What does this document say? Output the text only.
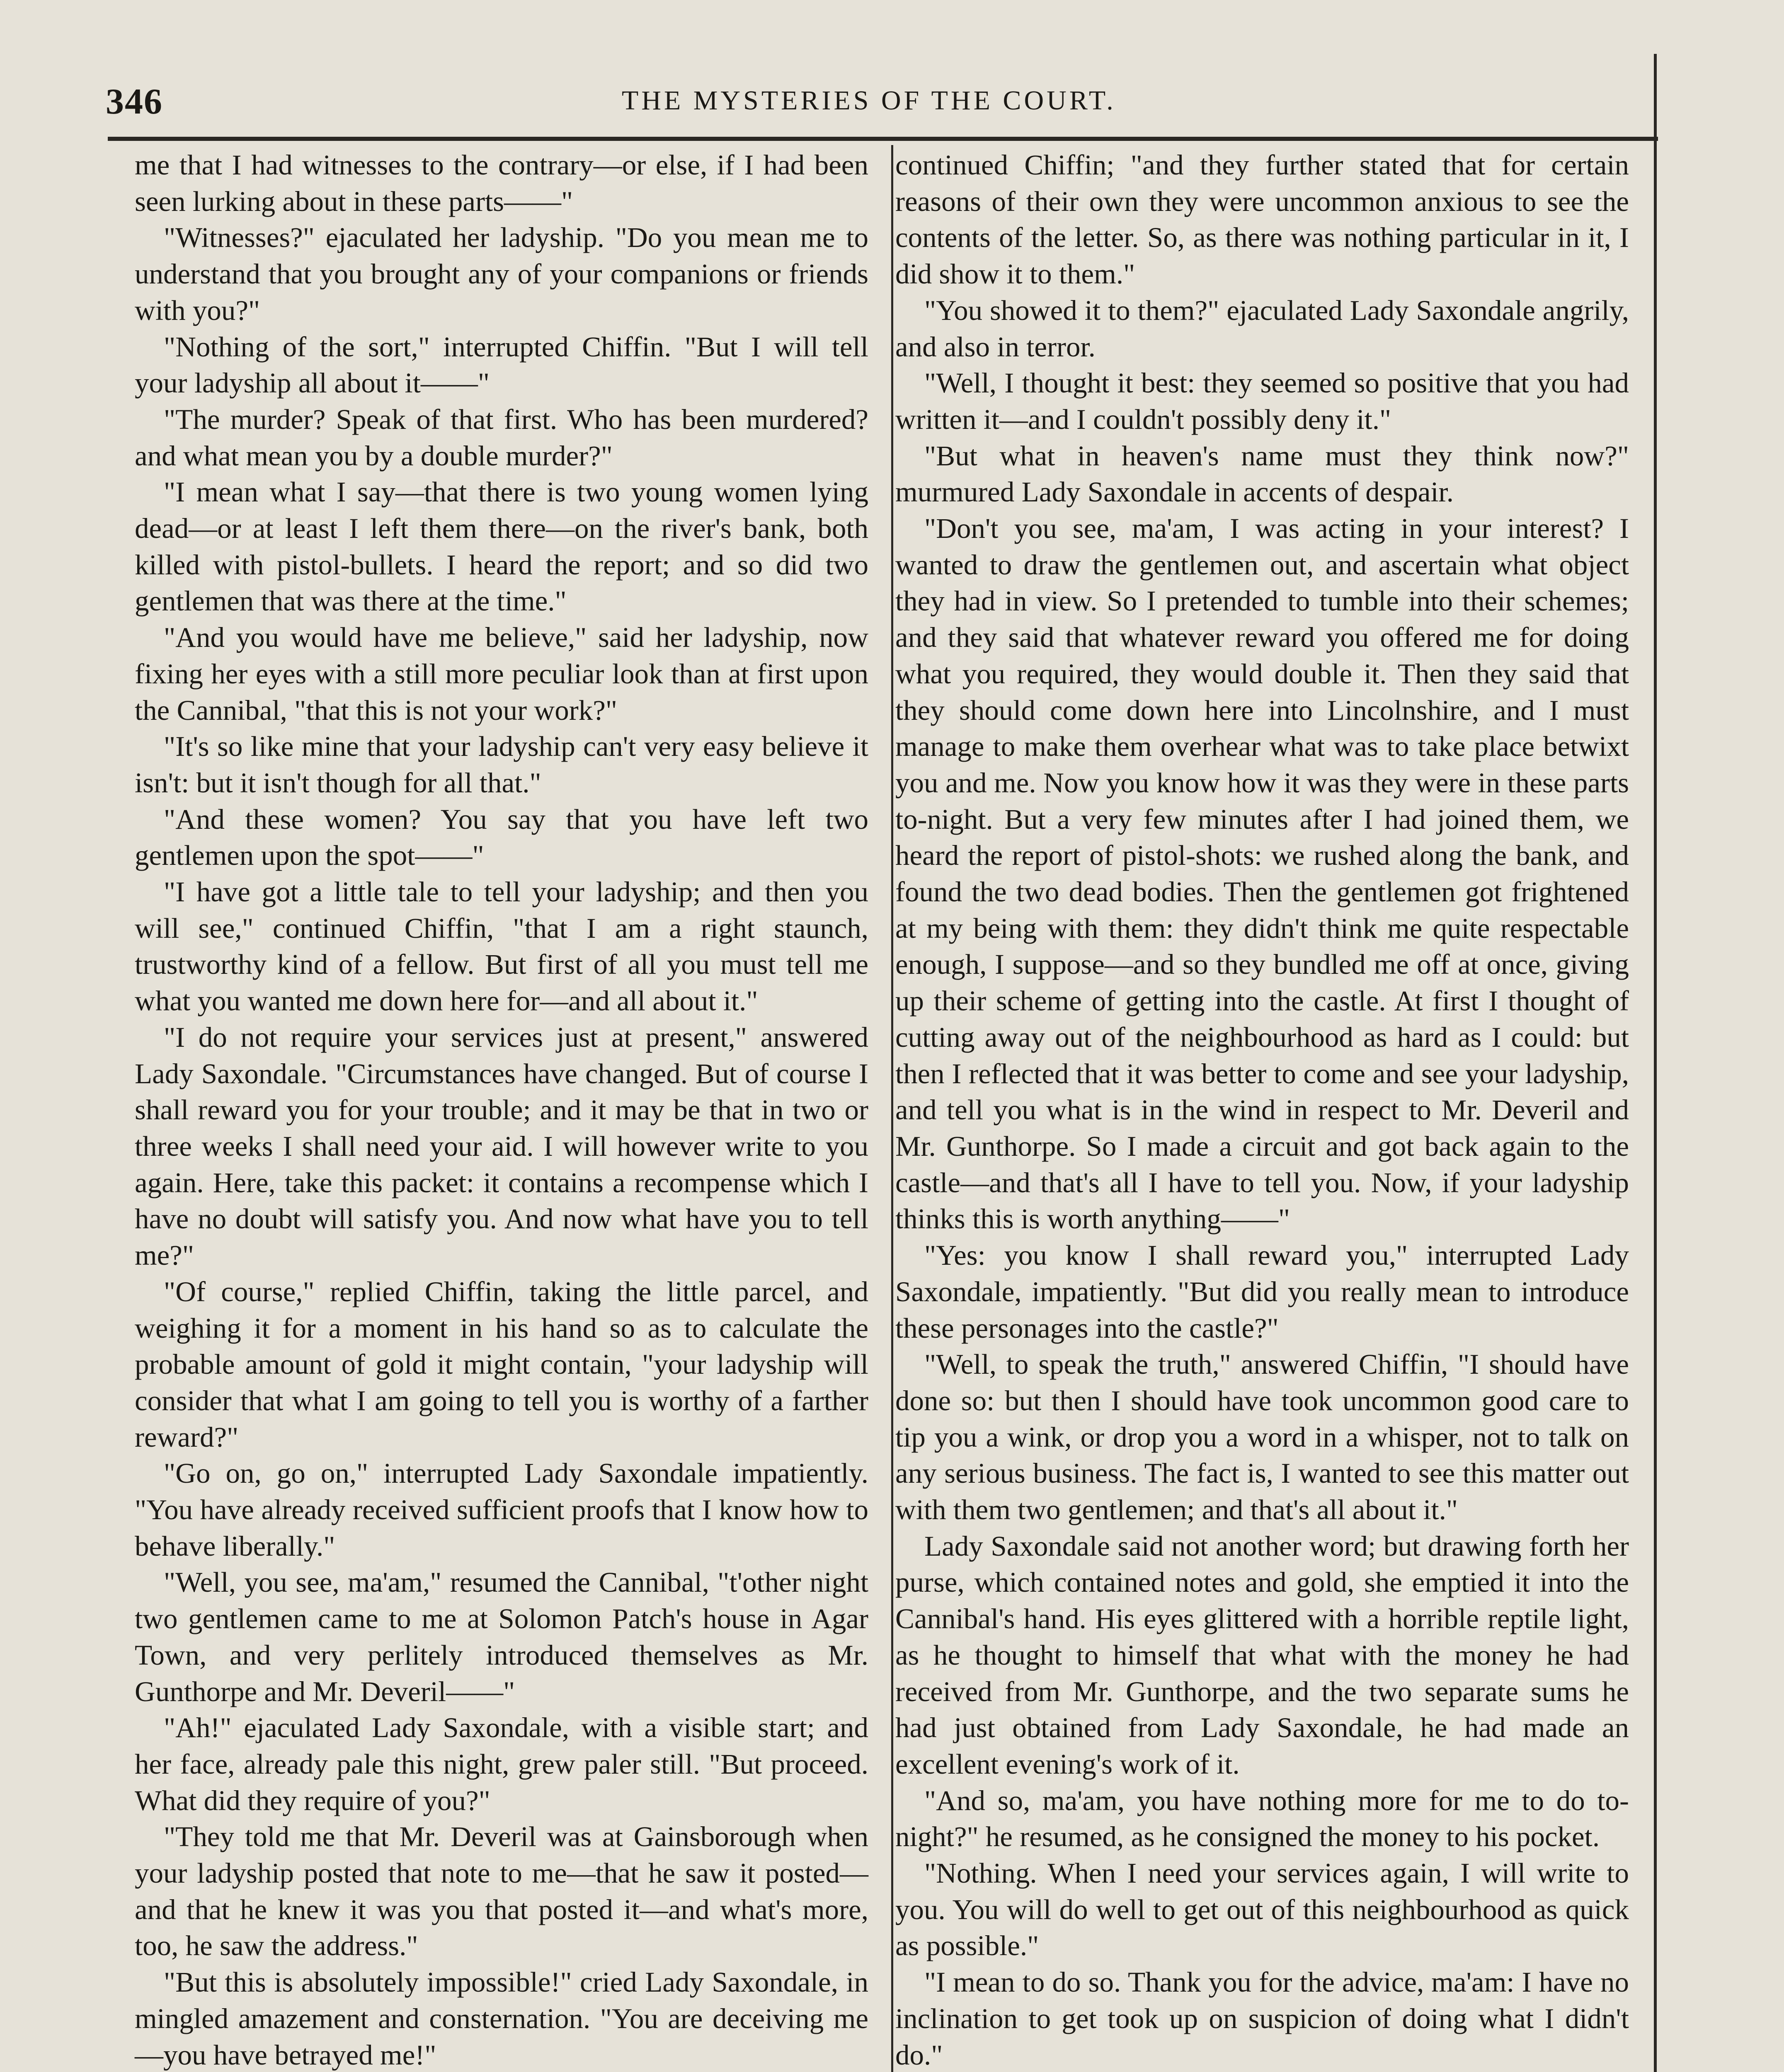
346	THE MYSTERIES OF THE COURT.

me that I had witnesses to the contrary—or else, if I had been seen lurking about in these parts——"

"Witnesses?" ejaculated her ladyship. "Do you mean me to understand that you brought any of your companions or friends with you?"

"Nothing of the sort," interrupted Chiffin. "But I will tell your ladyship all about it——"

"The murder? Speak of that first. Who has been murdered? and what mean you by a double murder?"

"I mean what I say—that there is two young women lying dead—or at least I left them there—on the river's bank, both killed with pistol-bullets. I heard the report; and so did two gentlemen that was there at the time."

"And you would have me believe," said her ladyship, now fixing her eyes with a still more peculiar look than at first upon the Cannibal, "that this is not your work?"

"It's so like mine that your ladyship can't very easy believe it isn't: but it isn't though for all that."

"And these women? You say that you have left two gentlemen upon the spot——"

"I have got a little tale to tell your ladyship; and then you will see," continued Chiffin, "that I am a right staunch, trustworthy kind of a fellow. But first of all you must tell me what you wanted me down here for—and all about it."

"I do not require your services just at present," answered Lady Saxondale. "Circumstances have changed. But of course I shall reward you for your trouble; and it may be that in two or three weeks I shall need your aid. I will however write to you again. Here, take this packet: it contains a recompense which I have no doubt will satisfy you. And now what have you to tell me?"

"Of course," replied Chiffin, taking the little parcel, and weighing it for a moment in his hand so as to calculate the probable amount of gold it might contain, "your ladyship will consider that what I am going to tell you is worthy of a farther reward?"

"Go on, go on," interrupted Lady Saxondale impatiently. "You have already received sufficient proofs that I know how to behave liberally."

"Well, you see, ma'am," resumed the Cannibal, "t'other night two gentlemen came to me at Solomon Patch's house in Agar Town, and very perlitely introduced themselves as Mr. Gunthorpe and Mr. Deveril——"

"Ah!" ejaculated Lady Saxondale, with a visible start; and her face, already pale this night, grew paler still. "But proceed. What did they require of you?"

"They told me that Mr. Deveril was at Gainsborough when your ladyship posted that note to me—that he saw it posted—and that he knew it was you that posted it—and what's more, too, he saw the address."

"But this is absolutely impossible!" cried Lady Saxondale, in mingled amazement and consternation. "You are deceiving me—you have betrayed me!"

continued Chiffin; "and they further stated that for certain reasons of their own they were uncommon anxious to see the contents of the letter. So, as there was nothing particular in it, I did show it to them."

"You showed it to them?" ejaculated Lady Saxondale angrily, and also in terror.

"Well, I thought it best: they seemed so positive that you had written it—and I couldn't possibly deny it."

"But what in heaven's name must they think now?" murmured Lady Saxondale in accents of despair.

"Don't you see, ma'am, I was acting in your interest? I wanted to draw the gentlemen out, and ascertain what object they had in view. So I pretended to tumble into their schemes; and they said that whatever reward you offered me for doing what you required, they would double it. Then they said that they should come down here into Lincolnshire, and I must manage to make them overhear what was to take place betwixt you and me. Now you know how it was they were in these parts to-night. But a very few minutes after I had joined them, we heard the report of pistol-shots: we rushed along the bank, and found the two dead bodies. Then the gentlemen got frightened at my being with them: they didn't think me quite respectable enough, I suppose—and so they bundled me off at once, giving up their scheme of getting into the castle. At first I thought of cutting away out of the neighbourhood as hard as I could: but then I reflected that it was better to come and see your ladyship, and tell you what is in the wind in respect to Mr. Deveril and Mr. Gunthorpe. So I made a circuit and got back again to the castle—and that's all I have to tell you. Now, if your ladyship thinks this is worth anything——"

"Yes: you know I shall reward you," interrupted Lady Saxondale, impatiently. "But did you really mean to introduce these personages into the castle?"

"Well, to speak the truth," answered Chiffin, "I should have done so: but then I should have took uncommon good care to tip you a wink, or drop you a word in a whisper, not to talk on any serious business. The fact is, I wanted to see this matter out with them two gentlemen; and that's all about it."

Lady Saxondale said not another word; but drawing forth her purse, which contained notes and gold, she emptied it into the Cannibal's hand. His eyes glittered with a horrible reptile light, as he thought to himself that what with the money he had received from Mr. Gunthorpe, and the two separate sums he had just obtained from Lady Saxondale, he had made an excellent evening's work of it.

"And so, ma'am, you have nothing more for me to do to-night?" he resumed, as he consigned the money to his pocket.

"Nothing. When I need your services again, I will write to you. You will do well to get out of this neighbourhood as quick as possible."

"I mean to do so. Thank you for the advice, ma'am: I have no inclination to get took up on suspicion of doing what I didn't do."
